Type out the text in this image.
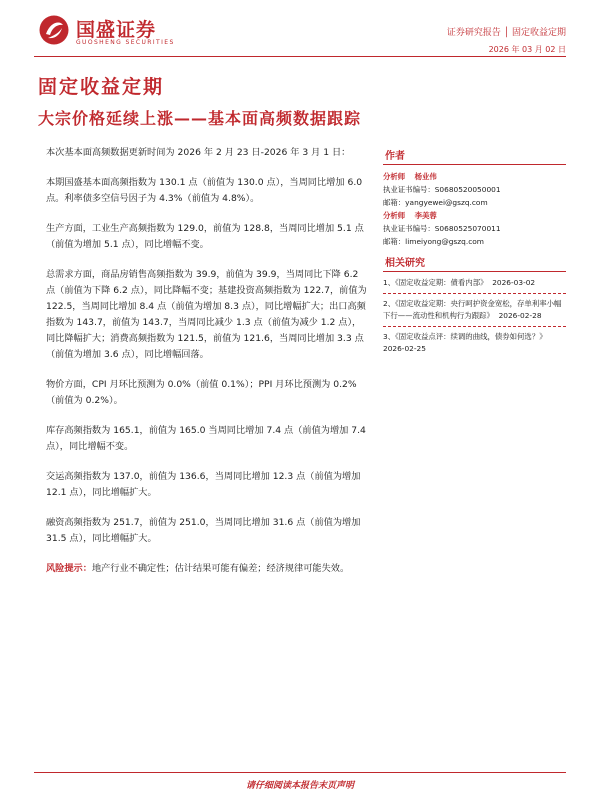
国盛证券
GUOSHENG SECURITIES
证券研究报告 │ 固定收益定期
2026 年 03 月 02 日
固定收益定期
大宗价格延续上涨——基本面高频数据跟踪

本次基本面高频数据更新时间为 2026 年 2 月 23 日-2026 年 3 月 1 日：

本期国盛基本面高频指数为 130.1 点（前值为 130.0 点），当周同比增加 6.0 点。利率债多空信号因子为 4.3%（前值为 4.8%）。

生产方面，工业生产高频指数为 129.0，前值为 128.8，当周同比增加 5.1 点（前值为增加 5.1 点），同比增幅不变。

总需求方面，商品房销售高频指数为 39.9，前值为 39.9，当周同比下降 6.2 点（前值为下降 6.2 点），同比降幅不变；基建投资高频指数为 122.7，前值为 122.5，当周同比增加 8.4 点（前值为增加 8.3 点），同比增幅扩大；出口高频指数为 143.7，前值为 143.7，当周同比减少 1.3 点（前值为减少 1.2 点），同比降幅扩大；消费高频指数为 121.5，前值为 121.6，当周同比增加 3.3 点（前值为增加 3.6 点），同比增幅回落。

物价方面，CPI 月环比预测为 0.0%（前值 0.1%）；PPI 月环比预测为 0.2%（前值为 0.2%）。

库存高频指数为 165.1，前值为 165.0 当周同比增加 7.4 点（前值为增加 7.4 点），同比增幅不变。

交运高频指数为 137.0，前值为 136.6，当周同比增加 12.3 点（前值为增加 12.1 点），同比增幅扩大。

融资高频指数为 251.7，前值为 251.0，当周同比增加 31.6 点（前值为增加 31.5 点），同比增幅扩大。

风险提示：地产行业不确定性；估计结果可能有偏差；经济规律可能失效。

作者
分析师 杨业伟
执业证书编号：S0680520050001
邮箱：yangyewei@gszq.com
分析师 李美蓉
执业证书编号：S0680525070011
邮箱：limeiyong@gszq.com
相关研究
1、《固定收益定期：債看内部》 2026-03-02
2、《固定收益定期：央行呵护资金宽松，存单利率小幅下行——流动性和机构行为跟踪》 2026-02-28
3、《固定收益点评：续调的曲线，债券如何选？》  2026-02-25
请仔细阅读本报告末页声明
